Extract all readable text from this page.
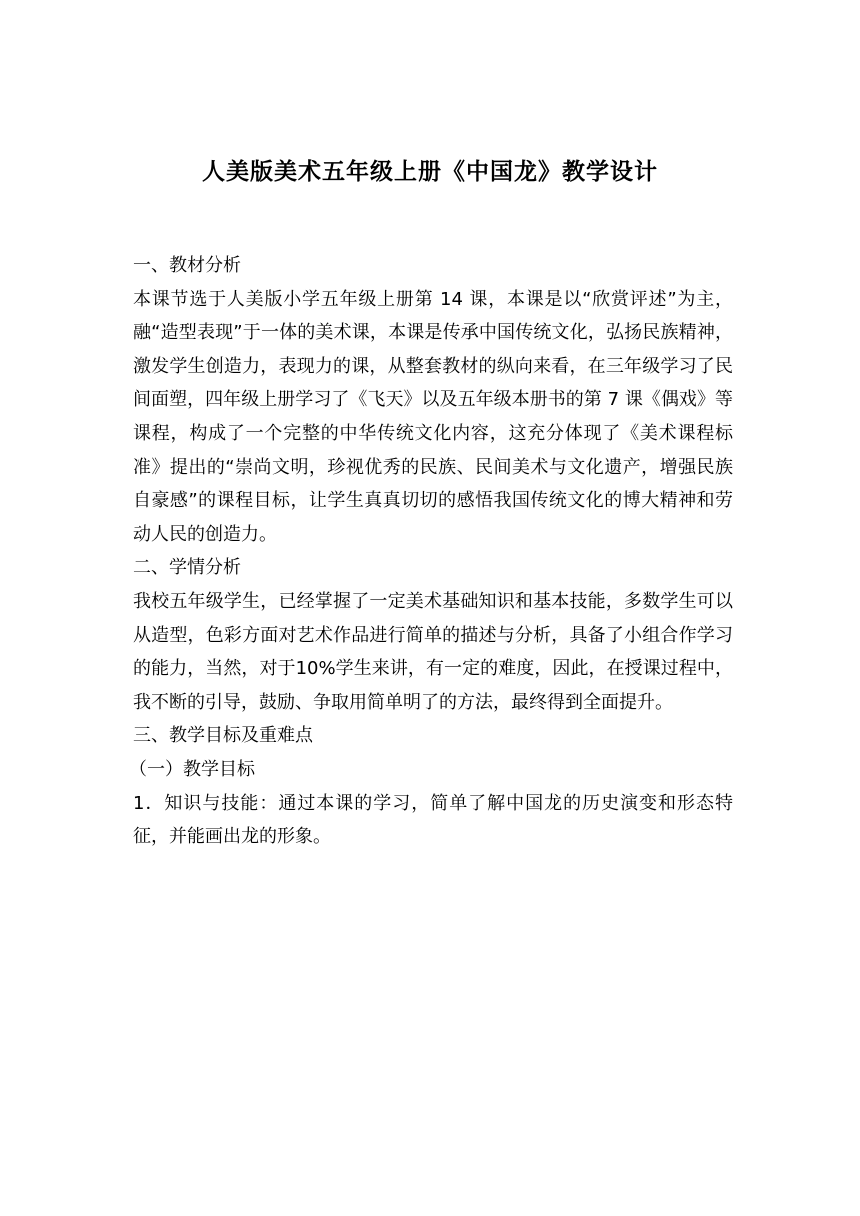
人美版美术五年级上册《中国龙》教学设计

一、教材分析

本课节选于人美版小学五年级上册第 14 课，本课是以“欣赏评述”为主，融“造型表现”于一体的美术课，本课是传承中国传统文化，弘扬民族精神，激发学生创造力，表现力的课，从整套教材的纵向来看，在三年级学习了民间面塑，四年级上册学习了《飞天》以及五年级本册书的第 7 课《偶戏》等课程，构成了一个完整的中华传统文化内容，这充分体现了《美术课程标准》提出的“崇尚文明，珍视优秀的民族、民间美术与文化遗产，增强民族自豪感”的课程目标，让学生真真切切的感悟我国传统文化的博大精神和劳动人民的创造力。

二、学情分析

我校五年级学生，已经掌握了一定美术基础知识和基本技能，多数学生可以从造型，色彩方面对艺术作品进行简单的描述与分析，具备了小组合作学习的能力，当然，对于10%学生来讲，有一定的难度，因此，在授课过程中，我不断的引导，鼓励、争取用简单明了的方法，最终得到全面提升。

三、教学目标及重难点

（一）教学目标

1．知识与技能：通过本课的学习，简单了解中国龙的历史演变和形态特征，并能画出龙的形象。
